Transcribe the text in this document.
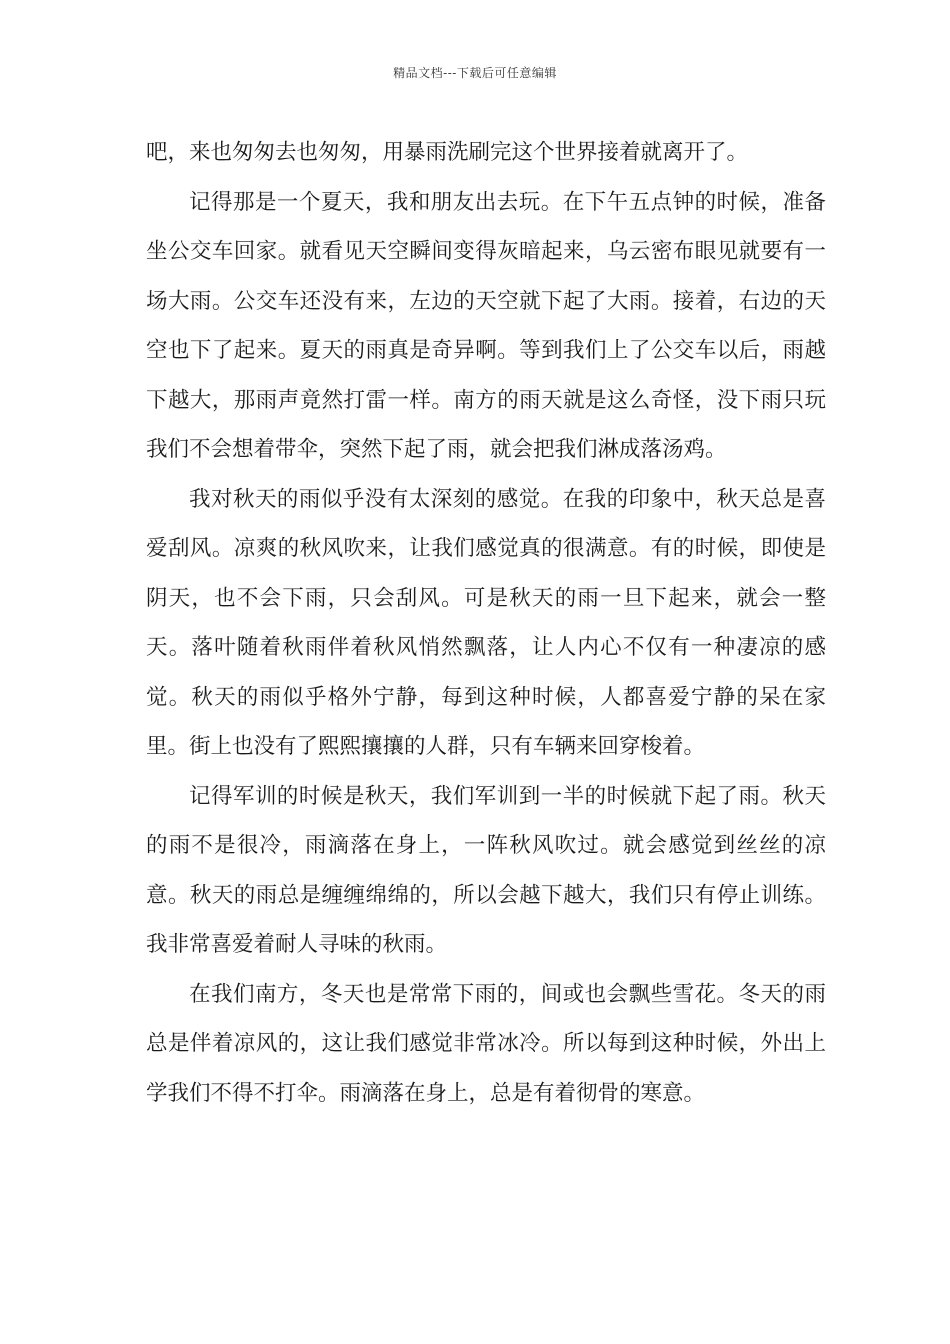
精品文档---下载后可任意编辑

吧，来也匆匆去也匆匆，用暴雨洗刷完这个世界接着就离开了。

记得那是一个夏天，我和朋友出去玩。在下午五点钟的时候，准备坐公交车回家。就看见天空瞬间变得灰暗起来，乌云密布眼见就要有一场大雨。公交车还没有来，左边的天空就下起了大雨。接着，右边的天空也下了起来。夏天的雨真是奇异啊。等到我们上了公交车以后，雨越下越大，那雨声竟然打雷一样。南方的雨天就是这么奇怪，没下雨只玩我们不会想着带伞，突然下起了雨，就会把我们淋成落汤鸡。

我对秋天的雨似乎没有太深刻的感觉。在我的印象中，秋天总是喜爱刮风。凉爽的秋风吹来，让我们感觉真的很满意。有的时候，即使是阴天，也不会下雨，只会刮风。可是秋天的雨一旦下起来，就会一整天。落叶随着秋雨伴着秋风悄然飘落，让人内心不仅有一种凄凉的感觉。秋天的雨似乎格外宁静，每到这种时候，人都喜爱宁静的呆在家里。街上也没有了熙熙攘攘的人群，只有车辆来回穿梭着。

记得军训的时候是秋天，我们军训到一半的时候就下起了雨。秋天的雨不是很冷，雨滴落在身上，一阵秋风吹过。就会感觉到丝丝的凉意。秋天的雨总是缠缠绵绵的，所以会越下越大，我们只有停止训练。我非常喜爱着耐人寻味的秋雨。

在我们南方，冬天也是常常下雨的，间或也会飘些雪花。冬天的雨总是伴着凉风的，这让我们感觉非常冰冷。所以每到这种时候，外出上学我们不得不打伞。雨滴落在身上，总是有着彻骨的寒意。
